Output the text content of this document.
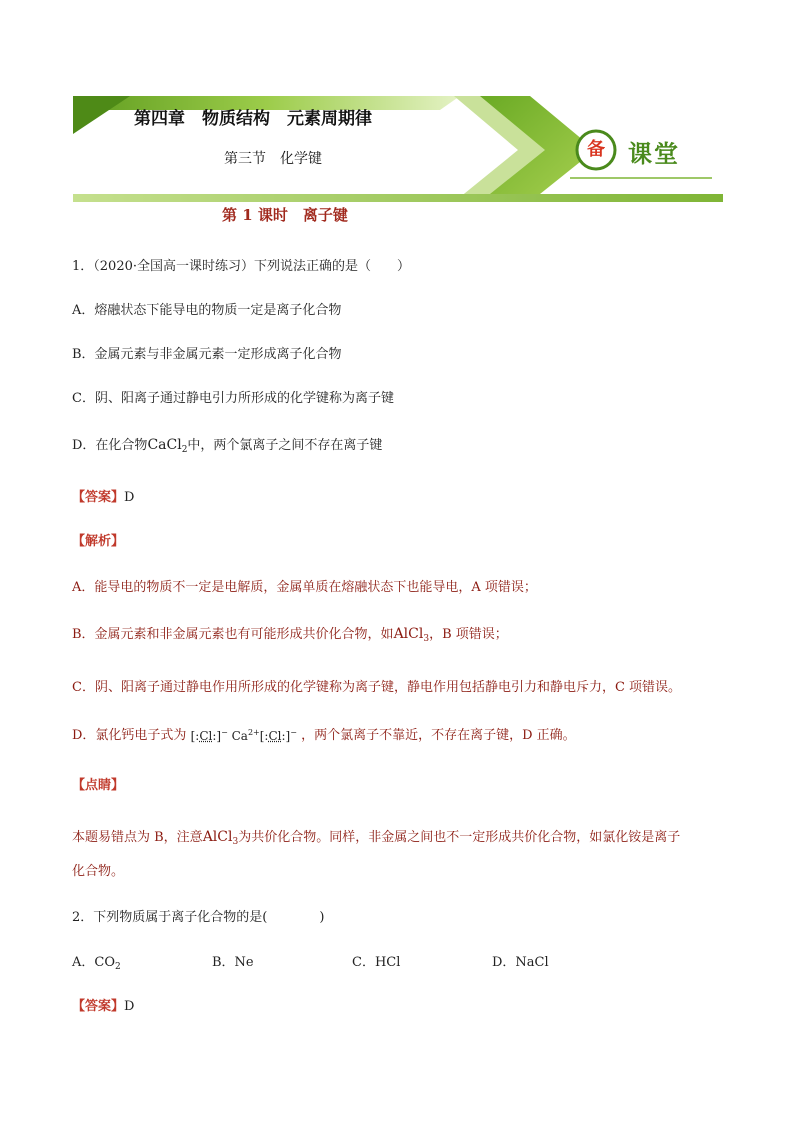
第四章　物质结构　元素周期律
第三节　化学键	备 课堂
第 1 课时　离子键
1．（2020·全国高一课时练习）下列说法正确的是（　　）
A．熔融状态下能导电的物质一定是离子化合物
B．金属元素与非金属元素一定形成离子化合物
C．阴、阳离子通过静电引力所形成的化学键称为离子键
D．在化合物CaCl$_2$中，两个氯离子之间不存在离子键
【答案】D
【解析】
A．能导电的物质不一定是电解质，金属单质在熔融状态下也能导电，A 项错误；
B．金属元素和非金属元素也有可能形成共价化合物，如AlCl$_3$，B 项错误；
C．阴、阳离子通过静电作用所形成的化学键称为离子键，静电作用包括静电引力和静电斥力，C 项错误。
D．氯化钙电子式为 [:Cl:]− $Ca^{2+}[:Cl:]^-$ ，两个氯离子不靠近，不存在离子键，D 正确。
【点睛】
本题易错点为 B，注意AlCl$_3$为共价化合物。同样，非金属之间也不一定形成共价化合物，如氯化铵是离子
化合物。
2．下列物质属于离子化合物的是(　　　　)
A．$CO_2$	B．Ne	C．HCl	D．NaCl
【答案】D
